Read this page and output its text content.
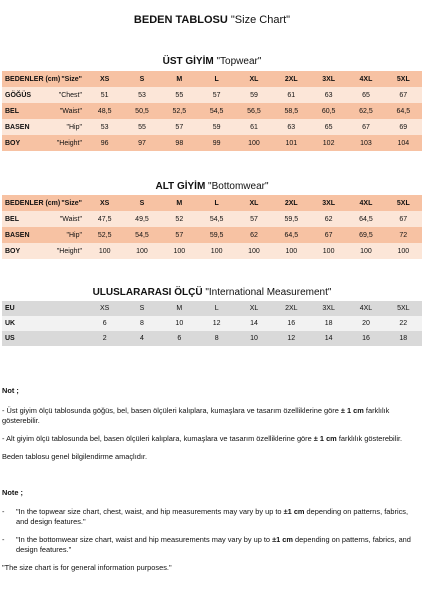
BEDEN TABLOSU "Size Chart"
ÜST GİYİM "Topwear"
BEDENLER (cm) "Size"	XS	S	M	L	XL	2XL	3XL	4XL	5XL
GÖĞÜS "Chest"	51	53	55	57	59	61	63	65	67
BEL "Waist"	48,5	50,5	52,5	54,5	56,5	58,5	60,5	62,5	64,5
BASEN "Hip"	53	55	57	59	61	63	65	67	69
BOY "Height"	96	97	98	99	100	101	102	103	104
ALT GİYİM "Bottomwear"
BEDENLER (cm) "Size"	XS	S	M	L	XL	2XL	3XL	4XL	5XL
BEL "Waist"	47,5	49,5	52	54,5	57	59,5	62	64,5	67
BASEN "Hip"	52,5	54,5	57	59,5	62	64,5	67	69,5	72
BOY "Height"	100	100	100	100	100	100	100	100	100
ULUSLARARASI ÖLÇÜ "International Measurement"
EU	XS	S	M	L	XL	2XL	3XL	4XL	5XL
UK	6	8	10	12	14	16	18	20	22
US	2	4	6	8	10	12	14	16	18

Not ;

- Üst giyim ölçü tablosunda göğüs, bel, basen ölçüleri kalıplara, kumaşlara ve tasarım özelliklerine göre ± 1 cm farklılık gösterebilir.

- Alt giyim ölçü tablosunda bel, basen ölçüleri kalıplara, kumaşlara ve tasarım özelliklerine göre ± 1 cm farklılık gösterebilir.

Beden tablosu genel bilgilendirme amaçlıdır.

Note ;

-	"In the topwear size chart, chest, waist, and hip measurements may vary by up to ±1 cm depending on patterns, fabrics, and design features."
-	"In the bottomwear size chart, waist and hip measurements may vary by up to ±1 cm depending on patterns, fabrics, and design features."

"The size chart is for general information purposes."
